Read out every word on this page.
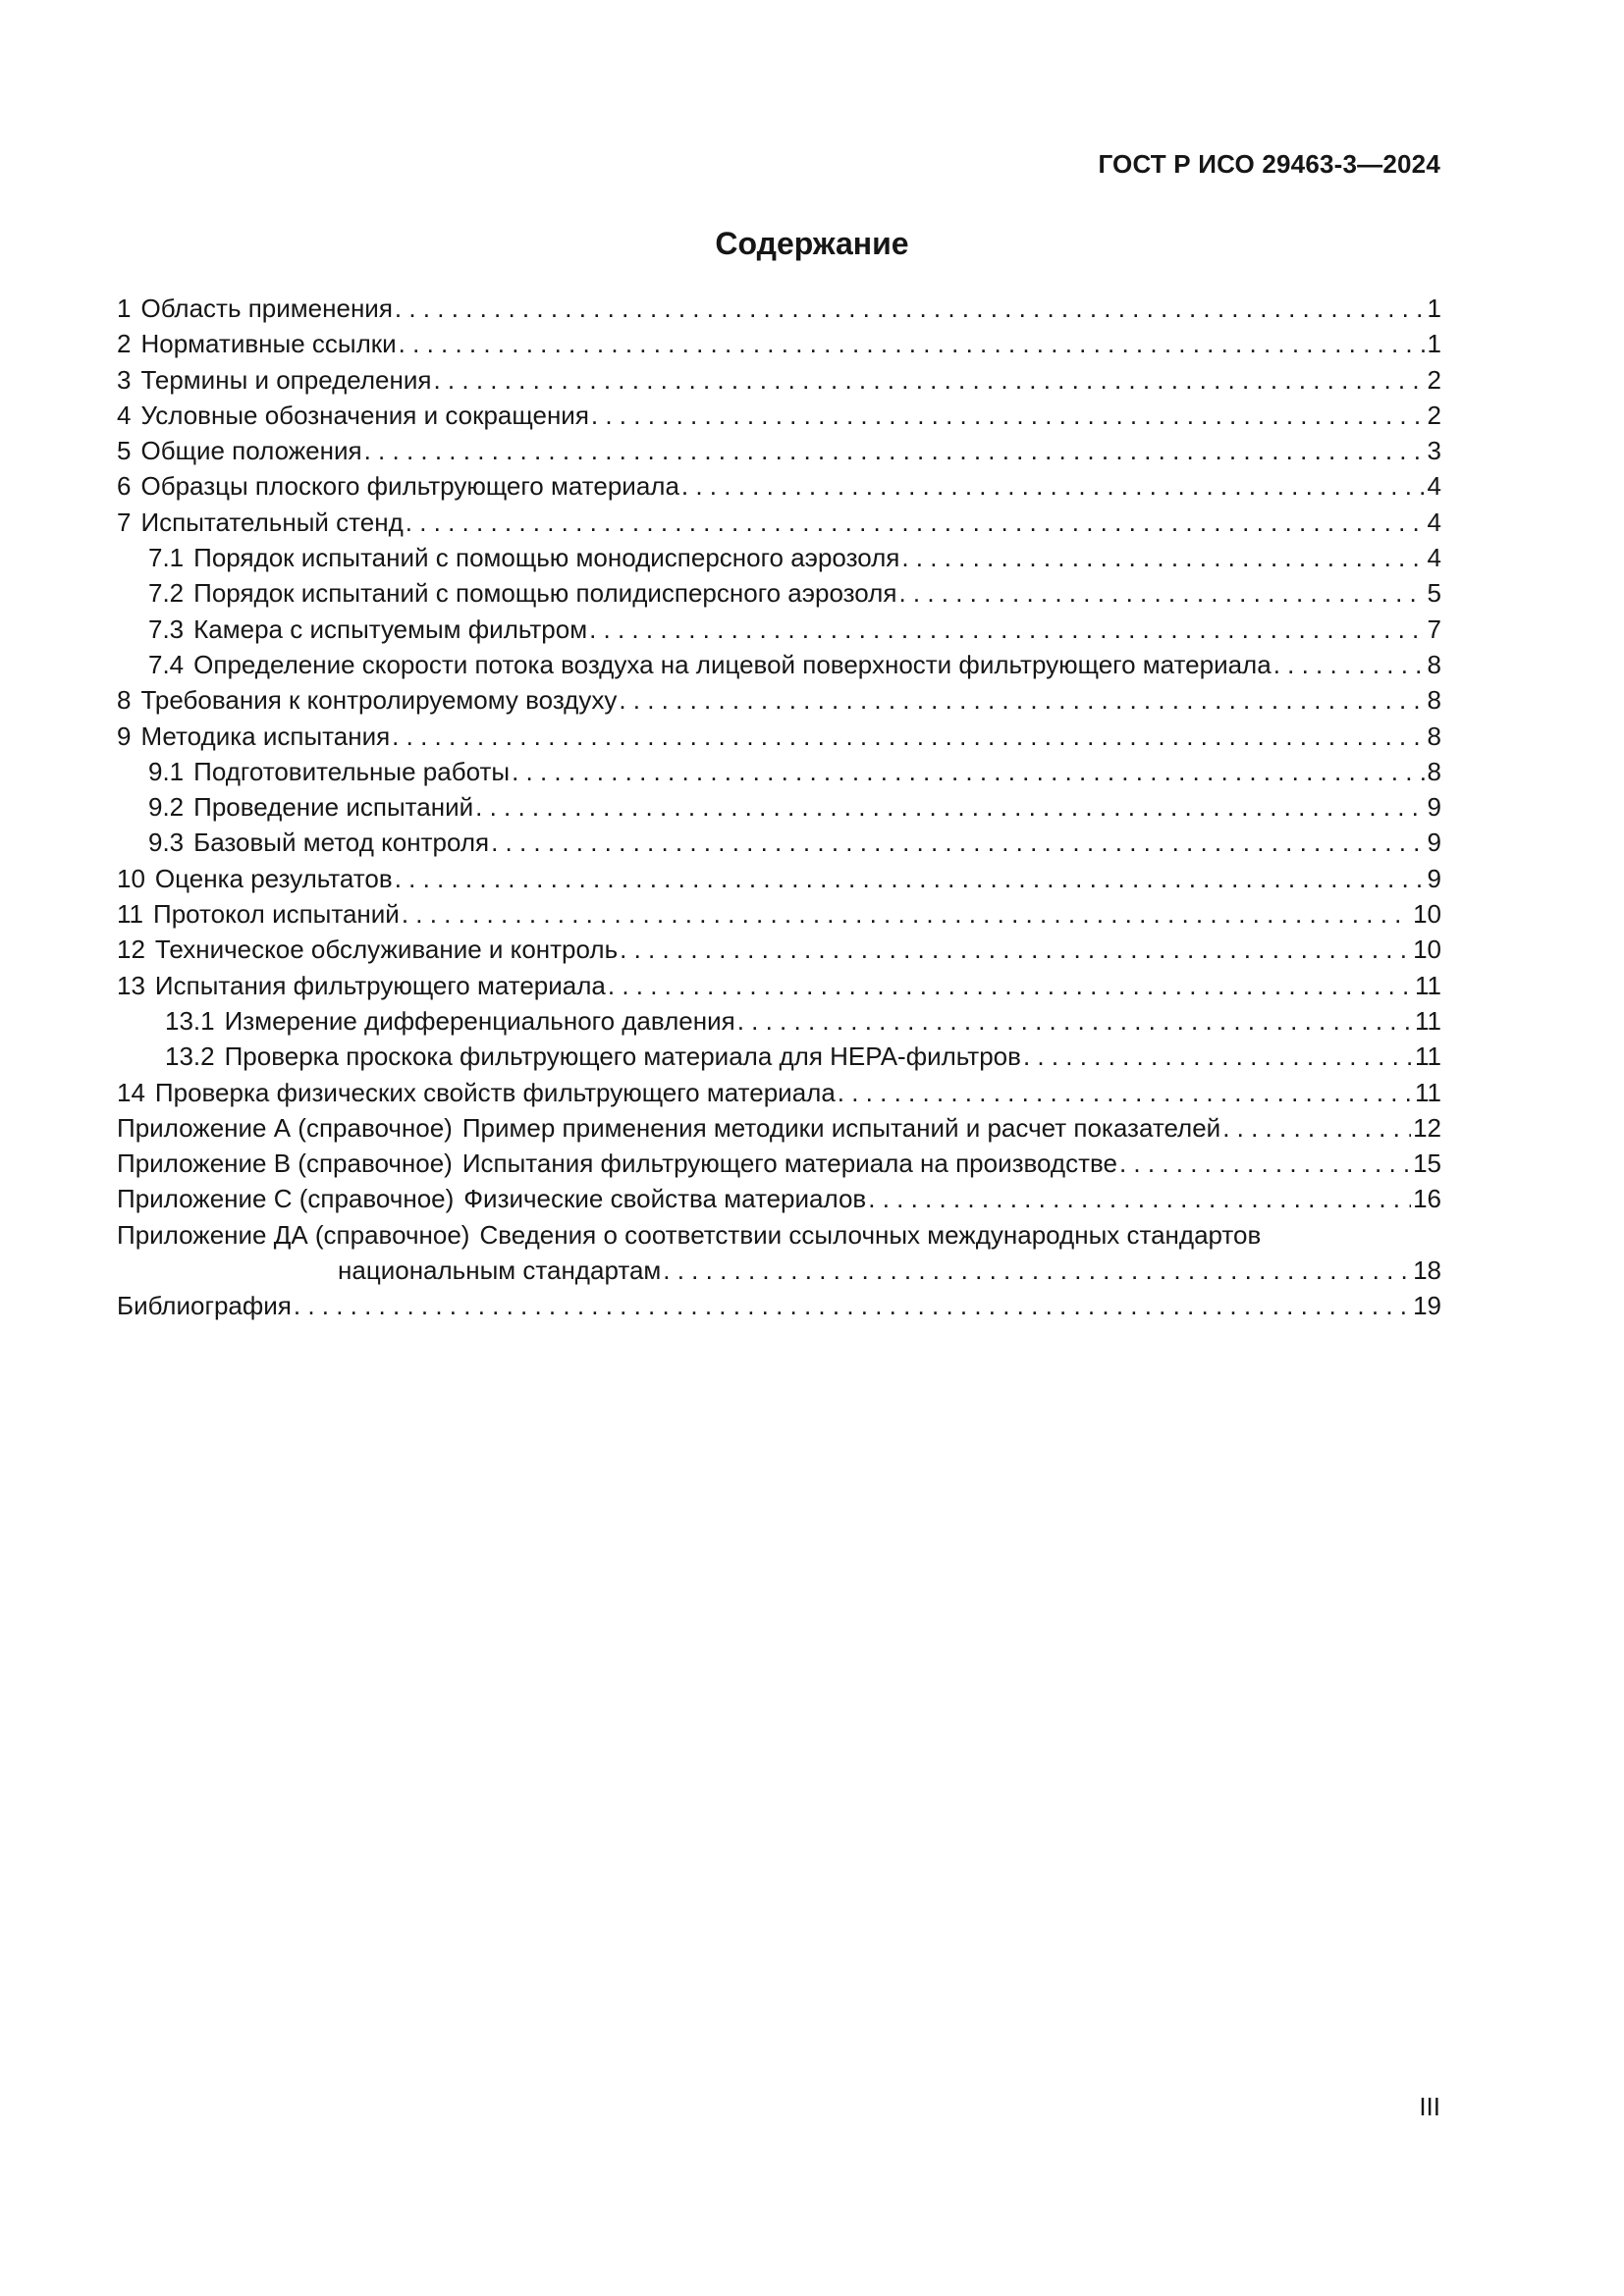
ГОСТ Р ИСО 29463-3—2024
Содержание
1 Область применения . . .	1
2 Нормативные ссылки . . .	1
3 Термины и определения . . .	2
4 Условные обозначения и сокращения . . .	2
5 Общие положения . . .	3
6 Образцы плоского фильтрующего материала . . .	4
7 Испытательный стенд . . .	4
7.1 Порядок испытаний с помощью монодисперсного аэрозоля . . .	4
7.2 Порядок испытаний с помощью полидисперсного аэрозоля . . .	5
7.3 Камера с испытуемым фильтром . . .	7
7.4 Определение скорости потока воздуха на лицевой поверхности фильтрующего материала . . .	8
8 Требования к контролируемому воздуху . . .	8
9 Методика испытания . . .	8
9.1 Подготовительные работы . . .	8
9.2 Проведение испытаний . . .	9
9.3 Базовый метод контроля . . .	9
10 Оценка результатов . . .	9
11 Протокол испытаний . . .	10
12 Техническое обслуживание и контроль . . .	10
13 Испытания фильтрующего материала . . .	11
13.1 Измерение дифференциального давления . . .	11
13.2 Проверка проскока фильтрующего материала для HEPA-фильтров . . .	11
14 Проверка физических свойств фильтрующего материала . . .	11
Приложение А (справочное) Пример применения методики испытаний и расчет показателей . . .	12
Приложение В (справочное) Испытания фильтрующего материала на производстве . . .	15
Приложение С (справочное) Физические свойства материалов . . .	16
Приложение ДА (справочное) Сведения о соответствии ссылочных международных стандартов
национальным стандартам . . .	18
Библиография . . .	19
III
